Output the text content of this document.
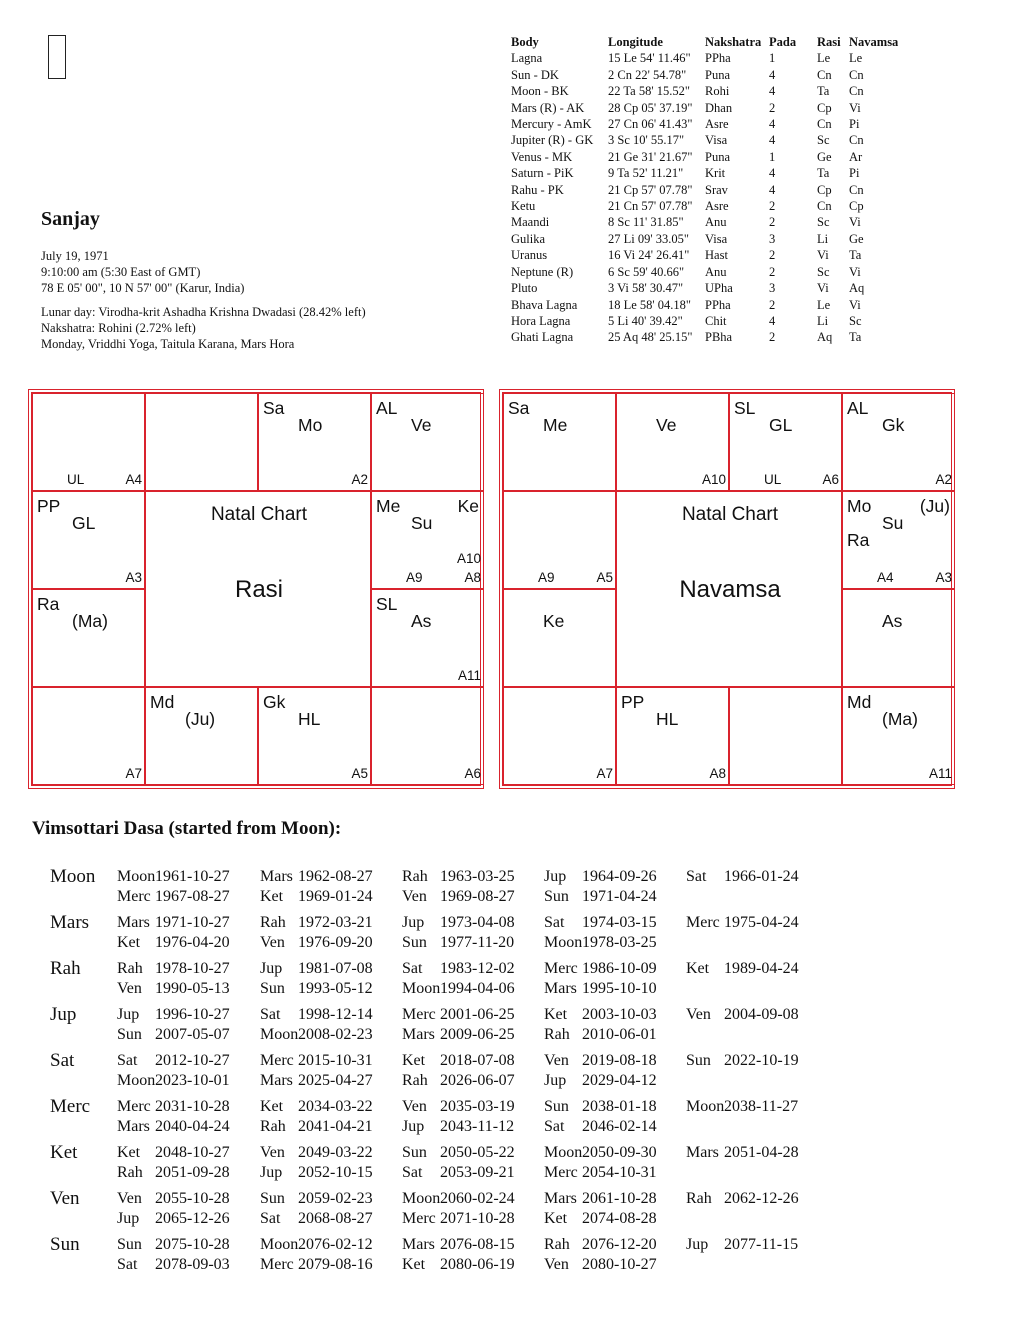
Sanjay
July 19, 1971
9:10:00 am (5:30 East of GMT)
78 E 05' 00", 10 N 57' 00" (Karur, India)
Lunar day: Virodha-krit Ashadha Krishna Dwadasi (28.42% left)
Nakshatra: Rohini (2.72% left)
Monday, Vriddhi Yoga, Taitula Karana, Mars Hora
Body	Longitude	Nakshatra	Pada	Rasi	Navamsa
Lagna	15 Le 54' 11.46"	PPha	1	Le	Le
Sun - DK	2 Cn 22' 54.78"	Puna	4	Cn	Cn
Moon - BK	22 Ta 58' 15.52"	Rohi	4	Ta	Cn
Mars (R) - AK	28 Cp 05' 37.19"	Dhan	2	Cp	Vi
Mercury - AmK	27 Cn 06' 41.43"	Asre	4	Cn	Pi
Jupiter (R) - GK	3 Sc 10' 55.17"	Visa	4	Sc	Cn
Venus - MK	21 Ge 31' 21.67"	Puna	1	Ge	Ar
Saturn - PiK	9 Ta 52' 11.21"	Krit	4	Ta	Pi
Rahu - PK	21 Cp 57' 07.78"	Srav	4	Cp	Cn
Ketu	21 Cn 57' 07.78"	Asre	2	Cn	Cp
Maandi	8 Sc 11' 31.85"	Anu	2	Sc	Vi
Gulika	27 Li 09' 33.05"	Visa	3	Li	Ge
Uranus	16 Vi 24' 26.41"	Hast	2	Vi	Ta
Neptune (R)	6 Sc 59' 40.66"	Anu	2	Sc	Vi
Pluto	3 Vi 58' 30.47"	UPha	3	Vi	Aq
Bhava Lagna	18 Le 58' 04.18"	PPha	2	Le	Vi
Hora Lagna	5 Li 40' 39.42"	Chit	4	Li	Sc
Ghati Lagna	25 Aq 48' 25.15"	PBha	2	Aq	Ta
Natal Chart
Rasi
UL	A4
Sa
Mo
A2
AL
Ve
PP
GL
A3
Me	Ke
Su
A10
A9	A8
Ra
(Ma)
SL
As
A11
A7
Md
(Ju)
Gk
HL
A5	A6
Natal Chart
Navamsa
Sa
Me	Ve
A10
SL
GL
UL	A6
AL
Gk
A2
A9	A5
Mo	(Ju)
Su
Ra
A4	A3
Ke	As
A7
PP
HL
A8
Md
(Ma)
A11
Vimsottari Dasa (started from Moon):
Moon Moon1961-10-27 Mars 1962-08-27 Rah 1963-03-25 Jup 1964-09-26 Sat 1966-01-24
Merc 1967-08-27 Ket 1969-01-24 Ven 1969-08-27 Sun 1971-04-24
Mars Mars 1971-10-27 Rah 1972-03-21 Jup 1973-04-08 Sat 1974-03-15 Merc 1975-04-24
Ket 1976-04-20 Ven 1976-09-20 Sun 1977-11-20 Moon1978-03-25
Rah Rah 1978-10-27 Jup 1981-07-08 Sat 1983-12-02 Merc 1986-10-09 Ket 1989-04-24
Ven 1990-05-13 Sun 1993-05-12 Moon1994-04-06 Mars 1995-10-10
Jup	Jup 1996-10-27 Sat 1998-12-14 Merc 2001-06-25 Ket 2003-10-03 Ven 2004-09-08
Sun 2007-05-07 Moon2008-02-23 Mars 2009-06-25 Rah 2010-06-01
Sat	Sat 2012-10-27 Merc 2015-10-31 Ket 2018-07-08 Ven 2019-08-18 Sun 2022-10-19
Moon2023-10-01 Mars 2025-04-27 Rah 2026-06-07 Jup 2029-04-12
Merc Merc 2031-10-28 Ket 2034-03-22 Ven 2035-03-19 Sun 2038-01-18 Moon2038-11-27
Mars 2040-04-24 Rah 2041-04-21 Jup 2043-11-12 Sat 2046-02-14
Ket Ket 2048-10-27 Ven 2049-03-22 Sun 2050-05-22 Moon2050-09-30 Mars 2051-04-28
Rah 2051-09-28 Jup 2052-10-15 Sat 2053-09-21 Merc 2054-10-31
Ven Ven 2055-10-28 Sun 2059-02-23 Moon2060-02-24 Mars 2061-10-28 Rah 2062-12-26
Jup 2065-12-26 Sat 2068-08-27 Merc 2071-10-28 Ket 2074-08-28
Sun Sun 2075-10-28 Moon2076-02-12 Mars 2076-08-15 Rah 2076-12-20 Jup 2077-11-15
Sat 2078-09-03 Merc 2079-08-16 Ket 2080-06-19 Ven 2080-10-27
